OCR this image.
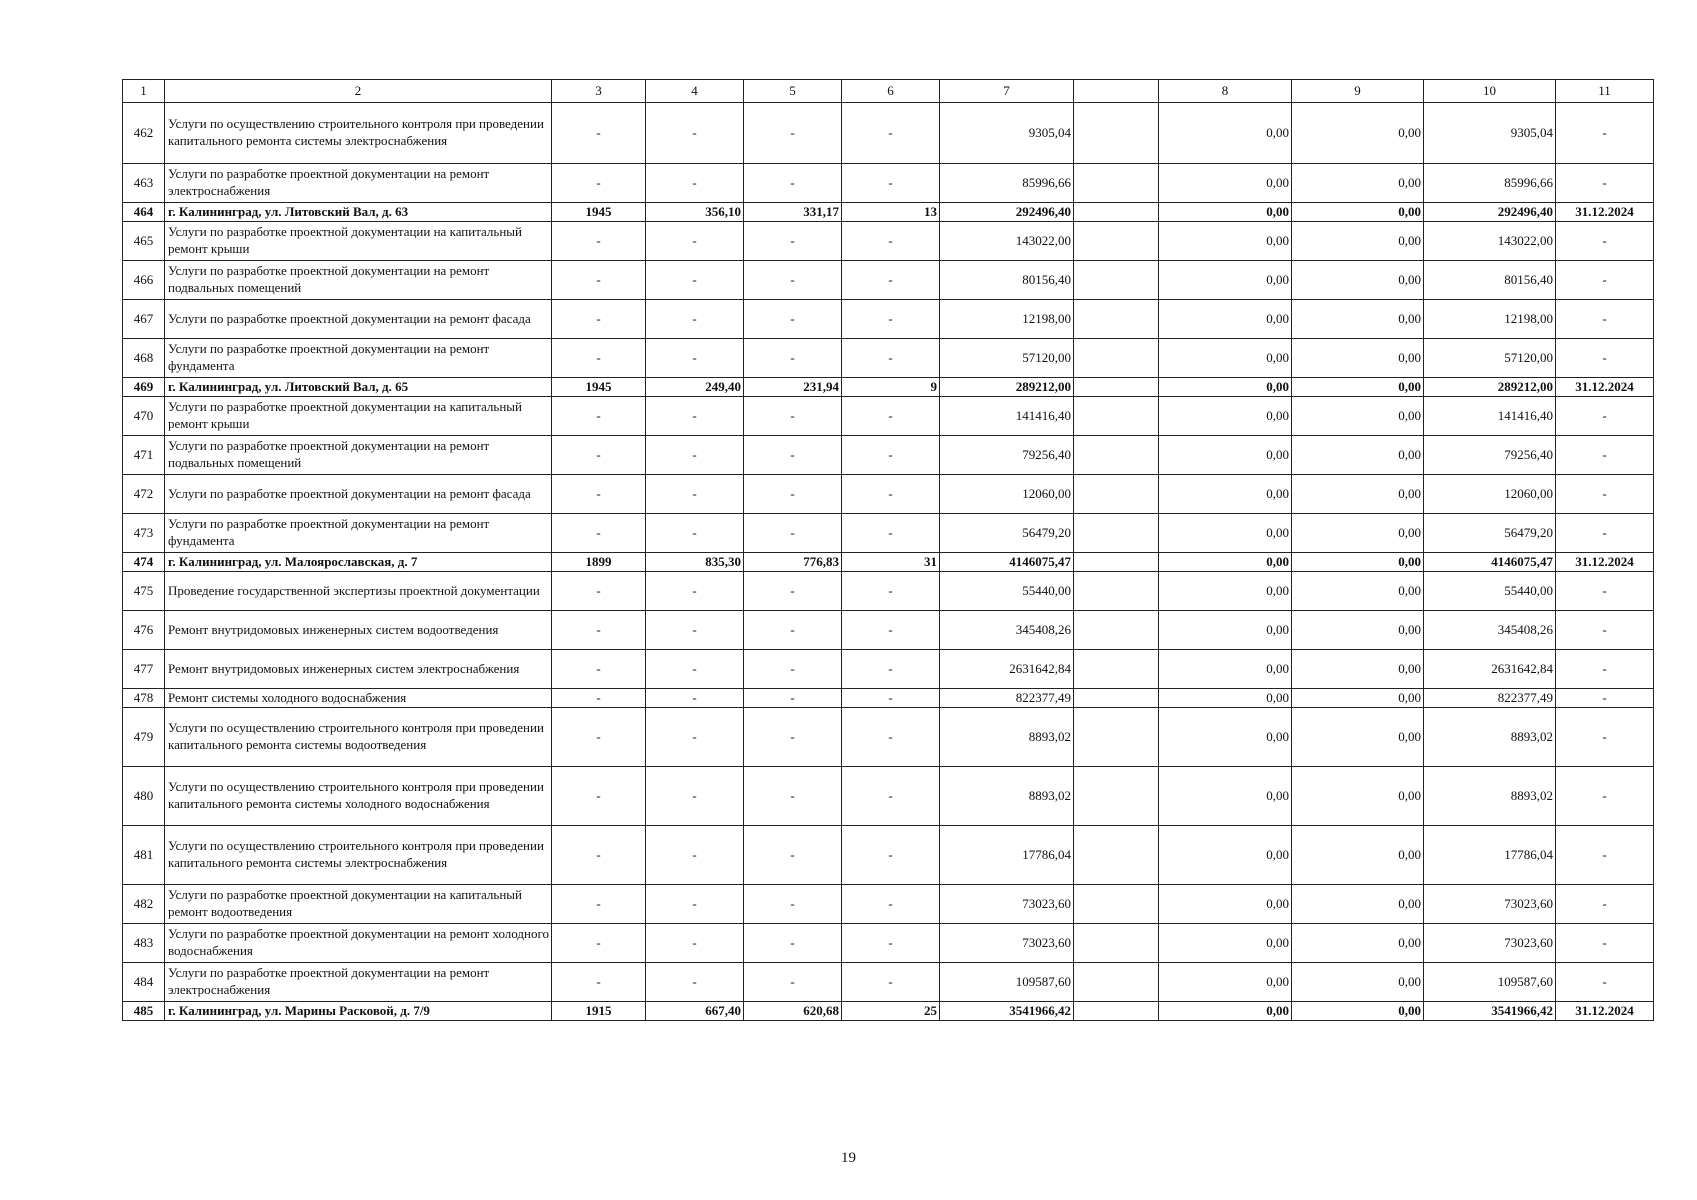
1	2	3	4	5	6	7		8	9	10	11
462	Услуги по осуществлению строительного контроля при проведении капитального ремонта системы электроснабжения	-	-	-	-	9305,04		0,00	0,00	9305,04	-
463	Услуги по разработке проектной документации на ремонт электроснабжения	-	-	-	-	85996,66		0,00	0,00	85996,66	-
464	г. Калининград, ул. Литовский Вал, д. 63	1945	356,10	331,17	13	292496,40		0,00	0,00	292496,40	31.12.2024
465	Услуги по разработке проектной документации на капитальный ремонт крыши	-	-	-	-	143022,00		0,00	0,00	143022,00	-
466	Услуги по разработке проектной документации на ремонт подвальных помещений	-	-	-	-	80156,40		0,00	0,00	80156,40	-
467	Услуги по разработке проектной документации на ремонт фасада	-	-	-	-	12198,00		0,00	0,00	12198,00	-
468	Услуги по разработке проектной документации на ремонт фундамента	-	-	-	-	57120,00		0,00	0,00	57120,00	-
469	г. Калининград, ул. Литовский Вал, д. 65	1945	249,40	231,94	9	289212,00		0,00	0,00	289212,00	31.12.2024
470	Услуги по разработке проектной документации на капитальный ремонт крыши	-	-	-	-	141416,40		0,00	0,00	141416,40	-
471	Услуги по разработке проектной документации на ремонт подвальных помещений	-	-	-	-	79256,40		0,00	0,00	79256,40	-
472	Услуги по разработке проектной документации на ремонт фасада	-	-	-	-	12060,00		0,00	0,00	12060,00	-
473	Услуги по разработке проектной документации на ремонт фундамента	-	-	-	-	56479,20		0,00	0,00	56479,20	-
474	г. Калининград, ул. Малоярославская, д. 7	1899	835,30	776,83	31	4146075,47		0,00	0,00	4146075,47	31.12.2024
475	Проведение государственной экспертизы проектной документации	-	-	-	-	55440,00		0,00	0,00	55440,00	-
476	Ремонт внутридомовых инженерных систем водоотведения	-	-	-	-	345408,26		0,00	0,00	345408,26	-
477	Ремонт внутридомовых инженерных систем электроснабжения	-	-	-	-	2631642,84		0,00	0,00	2631642,84	-
478	Ремонт системы холодного водоснабжения	-	-	-	-	822377,49		0,00	0,00	822377,49	-
479	Услуги по осуществлению строительного контроля при проведении капитального ремонта системы водоотведения	-	-	-	-	8893,02		0,00	0,00	8893,02	-
480	Услуги по осуществлению строительного контроля при проведении капитального ремонта системы холодного водоснабжения	-	-	-	-	8893,02		0,00	0,00	8893,02	-
481	Услуги по осуществлению строительного контроля при проведении капитального ремонта системы электроснабжения	-	-	-	-	17786,04		0,00	0,00	17786,04	-
482	Услуги по разработке проектной документации на капитальный ремонт водоотведения	-	-	-	-	73023,60		0,00	0,00	73023,60	-
483	Услуги по разработке проектной документации на ремонт холодного водоснабжения	-	-	-	-	73023,60		0,00	0,00	73023,60	-
484	Услуги по разработке проектной документации на ремонт электроснабжения	-	-	-	-	109587,60		0,00	0,00	109587,60	-
485	г. Калининград, ул. Марины Расковой, д. 7/9	1915	667,40	620,68	25	3541966,42		0,00	0,00	3541966,42	31.12.2024
19
